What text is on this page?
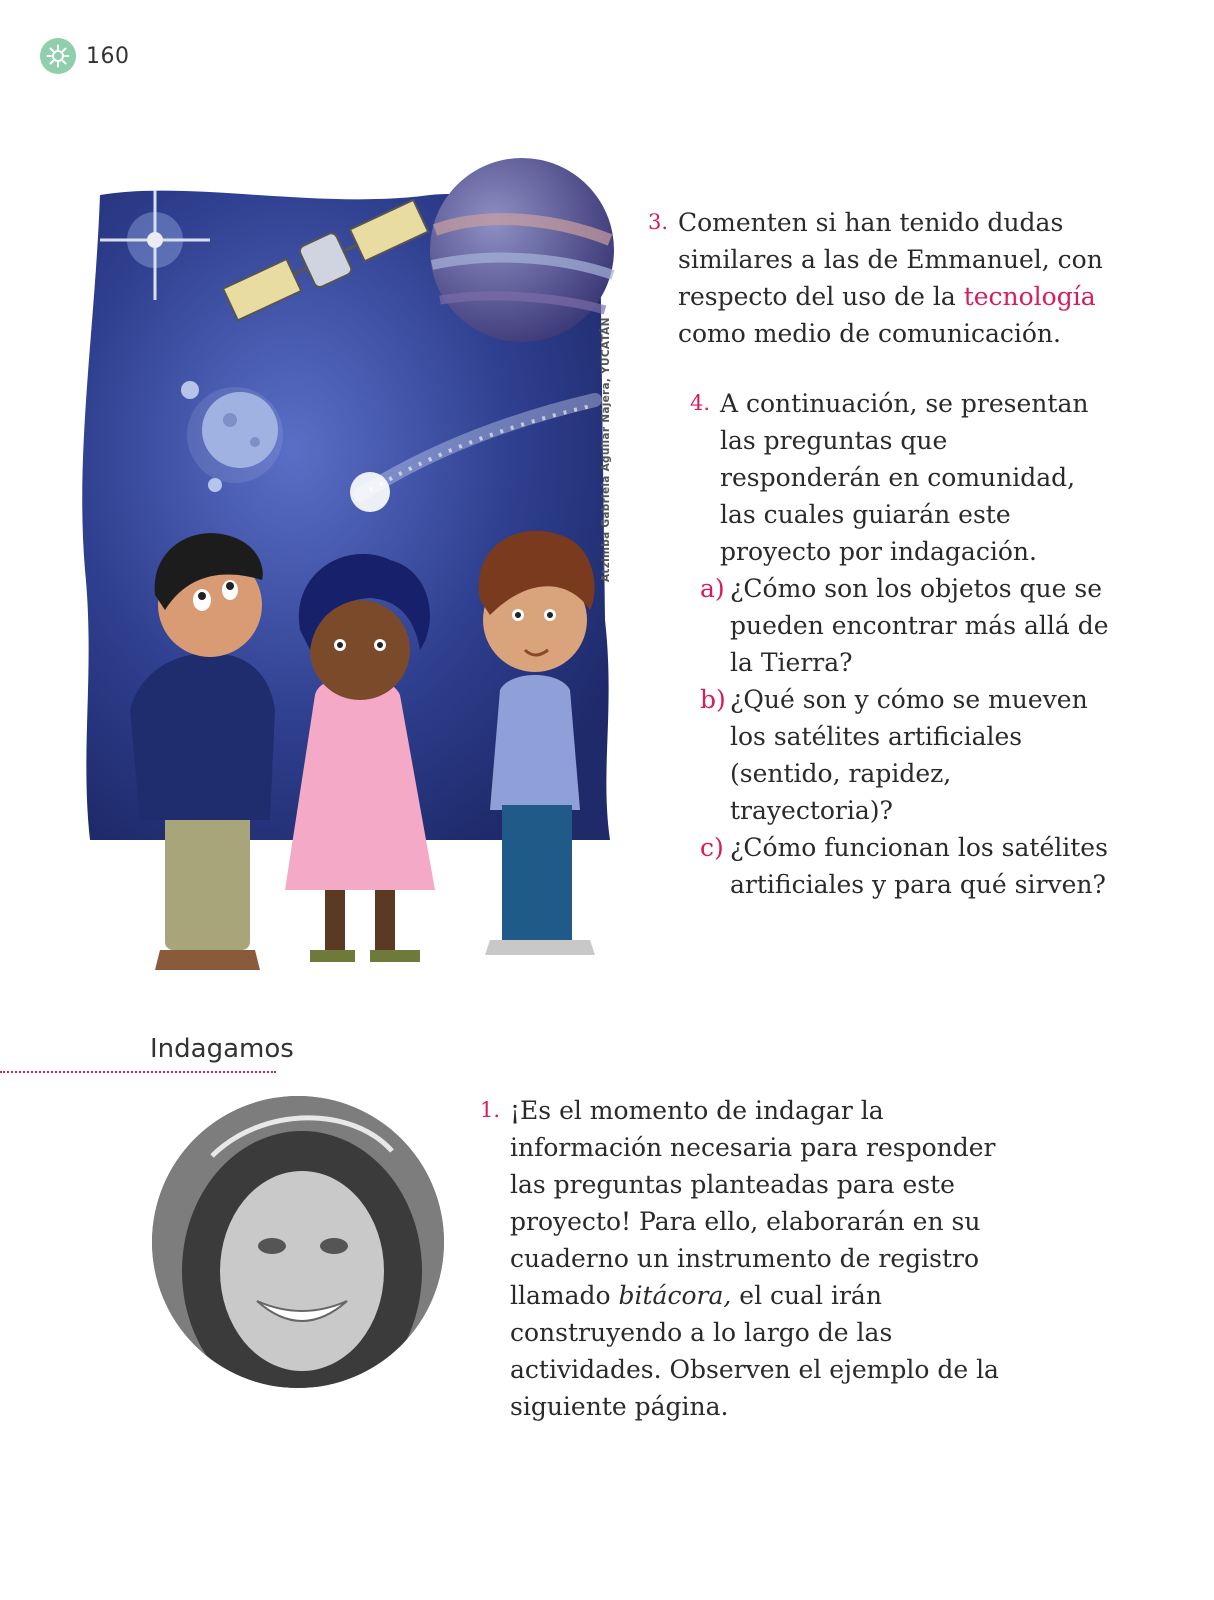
160
Atzimba Gabriela Aguilar Nájera, YUCATÁN
3. Comenten si han tenido dudas similares a las de Emmanuel, con respecto del uso de la tecnología como medio de comunicación.
4. A continuación, se presentan las preguntas que responderán en comunidad, las cuales guiarán este proyecto por indagación.
a) ¿Cómo son los objetos que se pueden encontrar más allá de la Tierra?
b) ¿Qué son y cómo se mueven los satélites artificiales (sentido, rapidez, trayectoria)?
c) ¿Cómo funcionan los satélites artificiales y para qué sirven?
Indagamos
1. ¡Es el momento de indagar la información necesaria para responder las preguntas planteadas para este proyecto! Para ello, elaborarán en su cuaderno un instrumento de registro llamado bitácora, el cual irán construyendo a lo largo de las actividades. Observen el ejemplo de la siguiente página.
